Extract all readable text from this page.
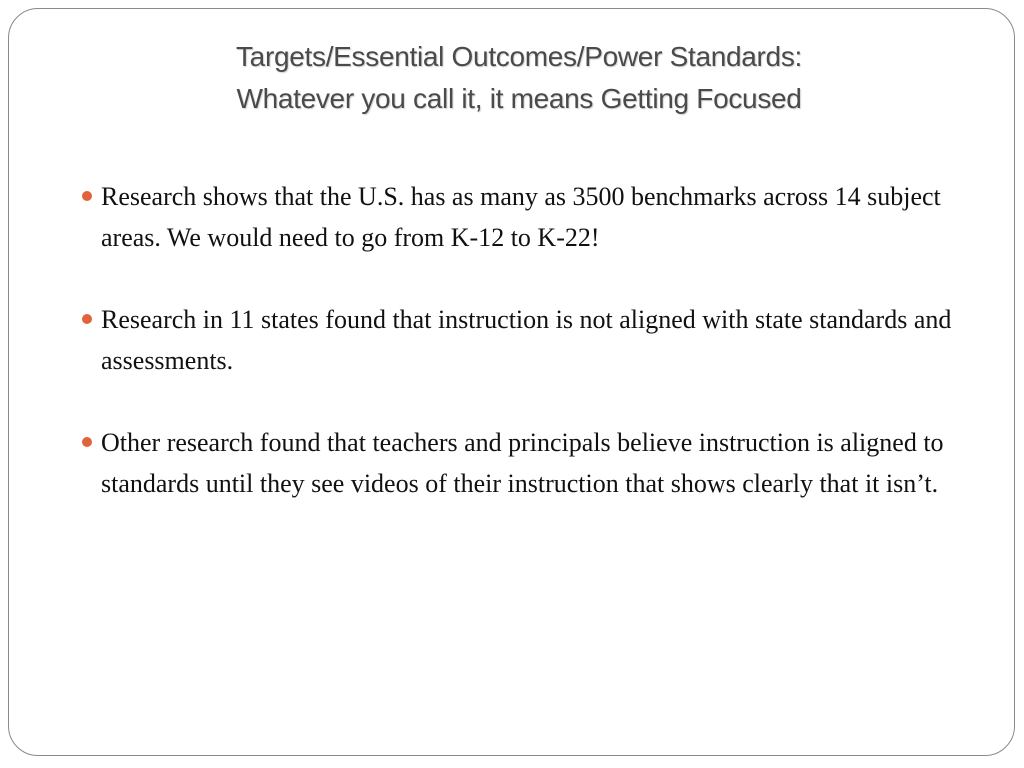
Targets/Essential Outcomes/Power Standards:
Whatever you call it, it means Getting Focused
Research shows that the U.S. has as many as 3500 benchmarks across 14 subject areas. We would need to go from K-12 to K-22!
Research in 11 states found that instruction is not aligned with state standards and assessments.
Other research found that teachers and principals believe instruction is aligned to standards until they see videos of their instruction that shows clearly that it isn’t.
